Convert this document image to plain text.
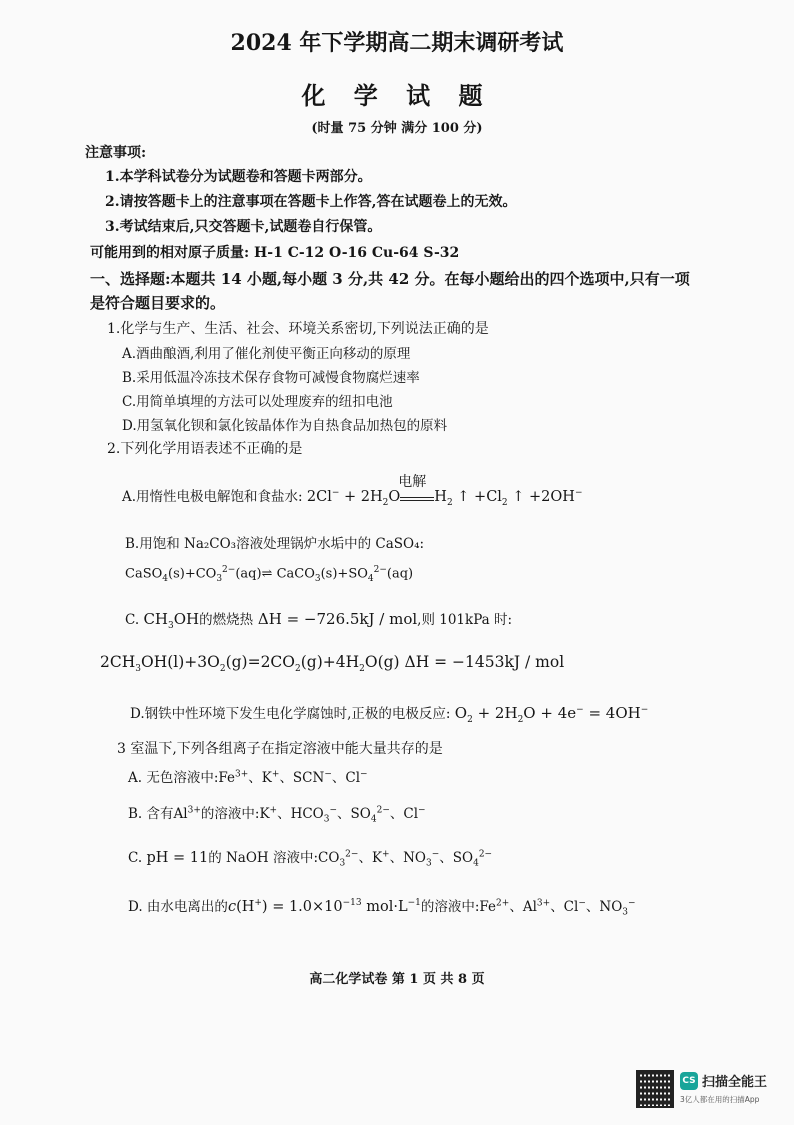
2024 年下学期高二期末调研考试
化 学 试 题
(时量 75 分钟 满分 100 分)
注意事项:
1.本学科试卷分为试题卷和答题卡两部分。
2.请按答题卡上的注意事项在答题卡上作答,答在试题卷上的无效。
3.考试结束后,只交答题卡,试题卷自行保管。
可能用到的相对原子质量: H-1 C-12 O-16 Cu-64 S-32
一、选择题:本题共 14 小题,每小题 3 分,共 42 分。在每小题给出的四个选项中,只有一项
是符合题目要求的。
1.化学与生产、生活、社会、环境关系密切,下列说法正确的是
A.酒曲酿酒,利用了催化剂使平衡正向移动的原理
B.采用低温冷冻技术保存食物可减慢食物腐烂速率
C.用简单填埋的方法可以处理废弃的纽扣电池
D.用氢氧化钡和氯化铵晶体作为自热食品加热包的原料
2.下列化学用语表述不正确的是
A.用惰性电极电解饱和食盐水: $2Cl^- + 2H_2O$
电解
$H_2$ ↑ $+Cl_2$ ↑ +2OH−
B.用饱和 Na₂CO₃溶液处理锅炉水垢中的 CaSO₄:
$CaSO_4(s)+CO_3^{2-}(aq)\rightleftharpoons$ $CaCO_3(s)+SO_4^{2-}(aq)$
C. $CH_3OH$的燃烧热 ΔH = −726.5kJ / mol,则 101kPa 时:
$2CH_3OH(l)+3O_2(g)=2CO_2(g)+4H_2O(g) \Delta H = -1453kJ$ / mol
D.钢铁中性环境下发生电化学腐蚀时,正极的电极反应: $O_2 + 2H_2O + 4e^- = 4OH^-$
3 室温下,下列各组离子在指定溶液中能大量共存的是
A. 无色溶液中$:Fe^{3+}$、K+、SCN−、Cl−
B. 含有$Al^{3+}$的溶液中:K+、$HCO_3^-$、$SO_4^{2-}$、Cl−
C. pH = 11的 NaOH 溶液中$:CO_3^{2-}$、K+、$NO_3^-$、$SO_4^{2-}$
D. 由水电离出的$c(H^+) = 1.0\times 10^{-13}$ $mol\cdot L^{-1}$的溶液中$:Fe^{2+}$、$Al^{3+}$、Cl−、$NO_3^-$
高二化学试卷 第 1 页 共 8 页
CS 扫描全能王
3亿人都在用的扫描App
